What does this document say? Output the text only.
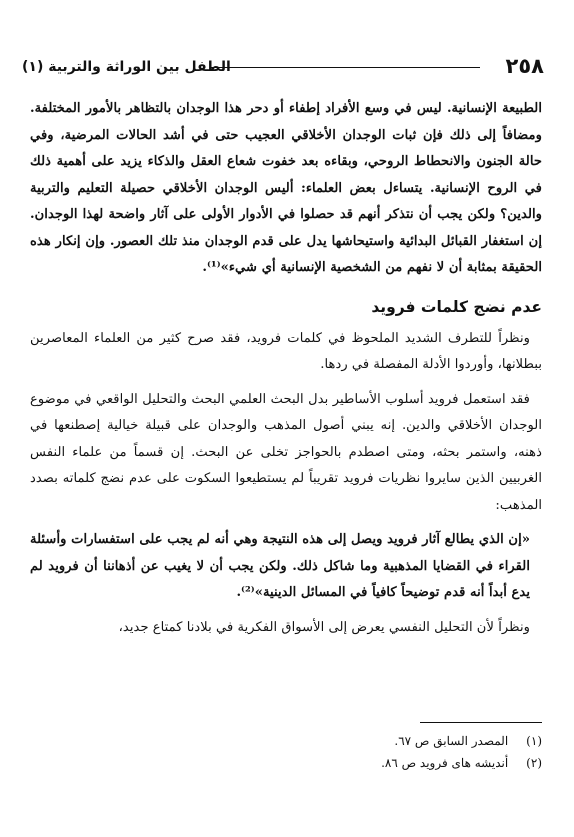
٢٥٨
الطفل بين الوراثة والتربية (١)

الطبيعة الإنسانية. ليس في وسع الأفراد إطفاء أو دحر هذا الوجدان بالتظاهر بالأمور المختلفة. ومضافاً إلى ذلك فإن ثبات الوجدان الأخلاقي العجيب حتى في أشد الحالات المرضية، وفي حالة الجنون والانحطاط الروحي، وبقاءه بعد خفوت شعاع العقل والذكاء يزيد على أهمية ذلك في الروح الإنسانية. يتساءل بعض العلماء: أليس الوجدان الأخلاقي حصيلة التعليم والتربية والدين؟ ولكن يجب أن نتذكر أنهم قد حصلوا في الأدوار الأولى على آثار واضحة لهذا الوجدان. إن استغفار القبائل البدائية واستيحاشها يدل على قدم الوجدان منذ تلك العصور. وإن إنكار هذه الحقيقة بمثابة أن لا نفهم من الشخصية الإنسانية أي شيء»⁽¹⁾.

عدم نضج كلمات فرويد

ونظراً للتطرف الشديد الملحوظ في كلمات فرويد، فقد صرح كثير من العلماء المعاصرين ببطلانها، وأوردوا الأدلة المفصلة في ردها.

فقد استعمل فرويد أسلوب الأساطير بدل البحث العلمي البحث والتحليل الواقعي في موضوع الوجدان الأخلاقي والدين. إنه يبني أصول المذهب والوجدان على قبيلة خيالية إصطنعها في ذهنه، واستمر بحثه، ومتى اصطدم بالحواجز تخلى عن البحث. إن قسماً من علماء النفس الغربيين الذين سايروا نظريات فرويد تقريباً لم يستطيعوا السكوت على عدم نضج كلماته بصدد المذهب:

«إن الذي يطالع آثار فرويد ويصل إلى هذه النتيجة وهي أنه لم يجب على استفسارات وأسئلة القراء في القضايا المذهبية وما شاكل ذلك. ولكن يجب أن لا يغيب عن أذهاننا أن فرويد لم يدع أبداً أنه قدم توضيحاً كافياً في المسائل الدينية»⁽²⁾.

ونظراً لأن التحليل النفسي يعرض إلى الأسواق الفكرية في بلادنا كمتاع جديد،

(١) المصدر السابق ص ٦٧.
(٢) أنديشه هاى فرويد ص ٨٦.
